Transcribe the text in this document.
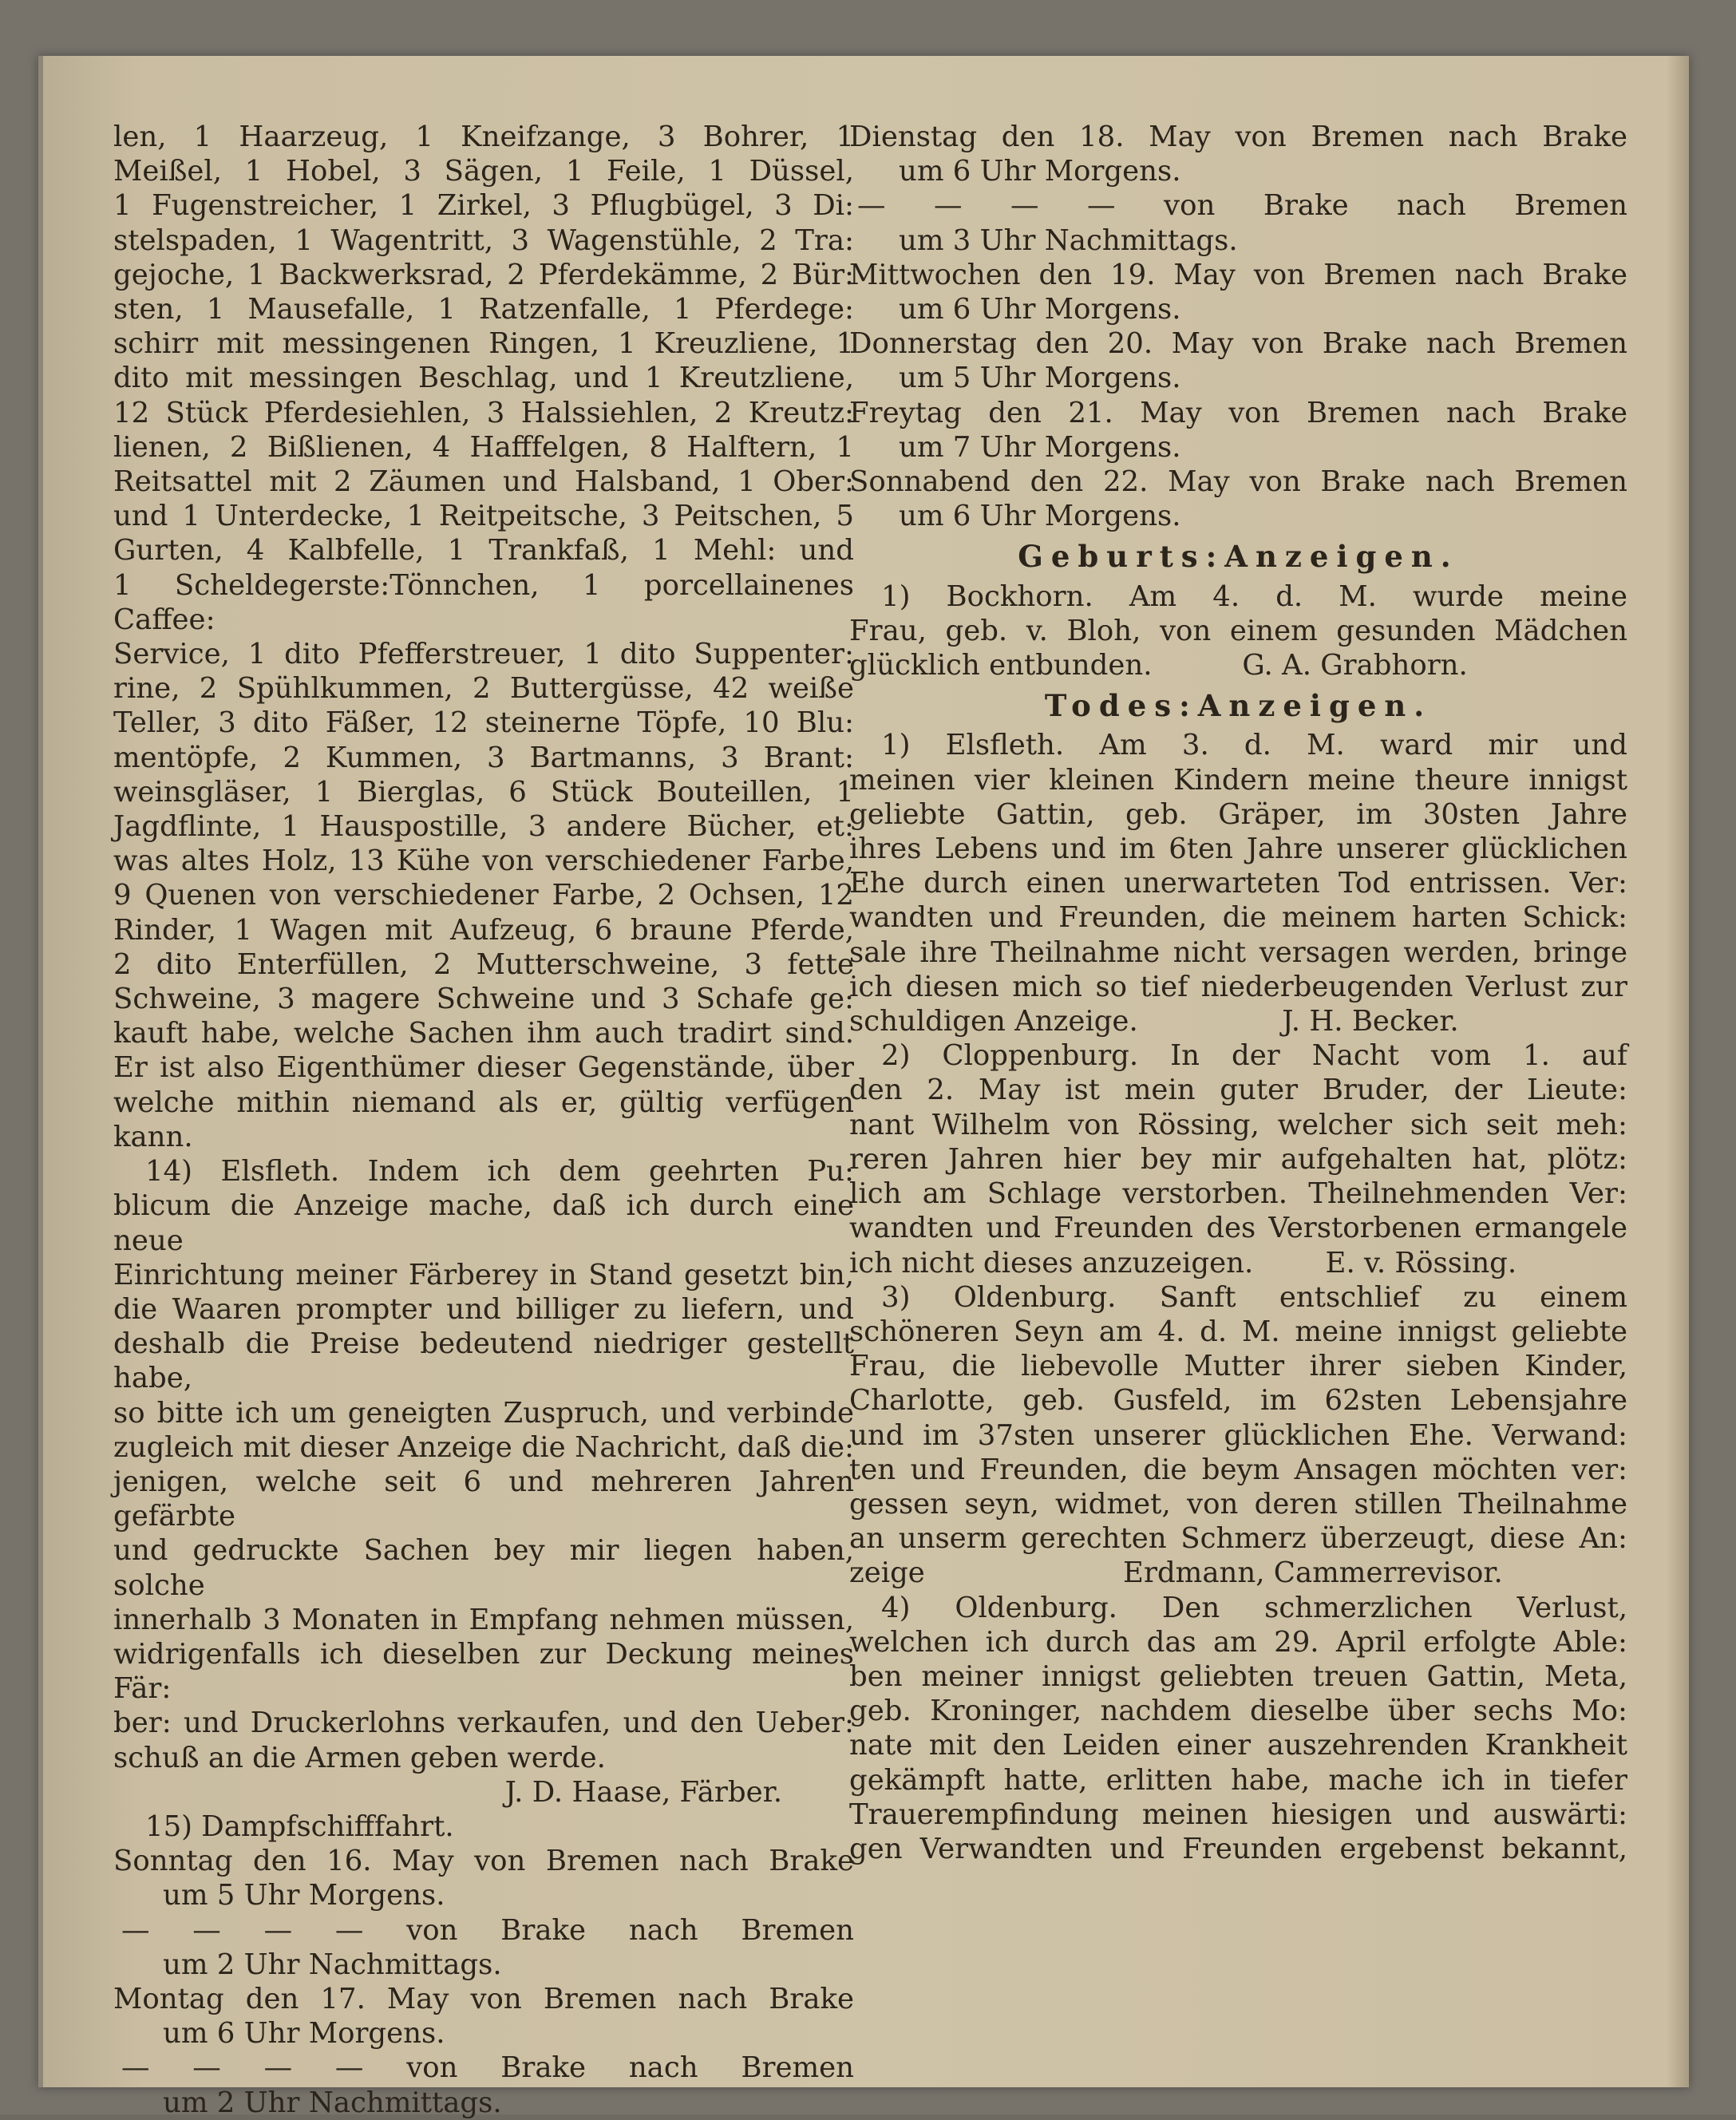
len, 1 Haarzeug, 1 Kneifzange, 3 Bohrer, 1

Meißel, 1 Hobel, 3 Sägen, 1 Feile, 1 Düssel,

1 Fugenstreicher, 1 Zirkel, 3 Pflugbügel, 3 Di:

stelspaden, 1 Wagentritt, 3 Wagenstühle, 2 Tra:

gejoche, 1 Backwerksrad, 2 Pferdekämme, 2 Bür:

sten, 1 Mausefalle, 1 Ratzenfalle, 1 Pferdege:

schirr mit messingenen Ringen, 1 Kreuzliene, 1

dito mit messingen Beschlag, und 1 Kreutzliene,

12 Stück Pferdesiehlen, 3 Halssiehlen, 2 Kreutz:

lienen, 2 Bißlienen, 4 Hafffelgen, 8 Halftern, 1

Reitsattel mit 2 Zäumen und Halsband, 1 Ober:

und 1 Unterdecke, 1 Reitpeitsche, 3 Peitschen, 5

Gurten, 4 Kalbfelle, 1 Trankfaß, 1 Mehl: und

1 Scheldegerste:Tönnchen, 1 porcellainenes Caffee:

Service, 1 dito Pfefferstreuer, 1 dito Suppenter:

rine, 2 Spühlkummen, 2 Buttergüsse, 42 weiße

Teller, 3 dito Fäßer, 12 steinerne Töpfe, 10 Blu:

mentöpfe, 2 Kummen, 3 Bartmanns, 3 Brant:

weinsgläser, 1 Bierglas, 6 Stück Bouteillen, 1

Jagdflinte, 1 Hauspostille, 3 andere Bücher, et:

was altes Holz, 13 Kühe von verschiedener Farbe,

9 Quenen von verschiedener Farbe, 2 Ochsen, 12

Rinder, 1 Wagen mit Aufzeug, 6 braune Pferde,

2 dito Enterfüllen, 2 Mutterschweine, 3 fette

Schweine, 3 magere Schweine und 3 Schafe ge:

kauft habe, welche Sachen ihm auch tradirt sind.

Er ist also Eigenthümer dieser Gegenstände, über

welche mithin niemand als er, gültig verfügen

kann.

14) Elsfleth. Indem ich dem geehrten Pu:

blicum die Anzeige mache, daß ich durch eine neue

Einrichtung meiner Färberey in Stand gesetzt bin,

die Waaren prompter und billiger zu liefern, und

deshalb die Preise bedeutend niedriger gestellt habe,

so bitte ich um geneigten Zuspruch, und verbinde

zugleich mit dieser Anzeige die Nachricht, daß die:

jenigen, welche seit 6 und mehreren Jahren gefärbte

und gedruckte Sachen bey mir liegen haben, solche

innerhalb 3 Monaten in Empfang nehmen müssen,

widrigenfalls ich dieselben zur Deckung meines Fär:

ber: und Druckerlohns verkaufen, und den Ueber:

schuß an die Armen geben werde.

J. D. Haase, Färber.

15) Dampfschifffahrt.

Sonntag den 16. May von Bremen nach Brake

um 5 Uhr Morgens.

— — — — von Brake nach Bremen

um 2 Uhr Nachmittags.

Montag den 17. May von Bremen nach Brake

um 6 Uhr Morgens.

— — — — von Brake nach Bremen

um 2 Uhr Nachmittags.

Dienstag den 18. May von Bremen nach Brake

um 6 Uhr Morgens.

— — — — von Brake nach Bremen

um 3 Uhr Nachmittags.

Mittwochen den 19. May von Bremen nach Brake

um 6 Uhr Morgens.

Donnerstag den 20. May von Brake nach Bremen

um 5 Uhr Morgens.

Freytag den 21. May von Bremen nach Brake

um 7 Uhr Morgens.

Sonnabend den 22. May von Brake nach Bremen

um 6 Uhr Morgens.

Geburts:Anzeigen.

1) Bockhorn. Am 4. d. M. wurde meine

Frau, geb. v. Bloh, von einem gesunden Mädchen

glücklich entbunden.          G. A. Grabhorn.

Todes:Anzeigen.

1) Elsfleth. Am 3. d. M. ward mir und

meinen vier kleinen Kindern meine theure innigst

geliebte Gattin, geb. Gräper, im 30sten Jahre

ihres Lebens und im 6ten Jahre unserer glücklichen

Ehe durch einen unerwarteten Tod entrissen. Ver:

wandten und Freunden, die meinem harten Schick:

sale ihre Theilnahme nicht versagen werden, bringe

ich diesen mich so tief niederbeugenden Verlust zur

schuldigen Anzeige.                J. H. Becker.

2) Cloppenburg. In der Nacht vom 1. auf

den 2. May ist mein guter Bruder, der Lieute:

nant Wilhelm von Rössing, welcher sich seit meh:

reren Jahren hier bey mir aufgehalten hat, plötz:

lich am Schlage verstorben. Theilnehmenden Ver:

wandten und Freunden des Verstorbenen ermangele

ich nicht dieses anzuzeigen.        E. v. Rössing.

3) Oldenburg. Sanft entschlief zu einem

schöneren Seyn am 4. d. M. meine innigst geliebte

Frau, die liebevolle Mutter ihrer sieben Kinder,

Charlotte, geb. Gusfeld, im 62sten Lebensjahre

und im 37sten unserer glücklichen Ehe. Verwand:

ten und Freunden, die beym Ansagen möchten ver:

gessen seyn, widmet, von deren stillen Theilnahme

an unserm gerechten Schmerz überzeugt, diese An:

zeige                      Erdmann, Cammerrevisor.

4) Oldenburg. Den schmerzlichen Verlust,

welchen ich durch das am 29. April erfolgte Able:

ben meiner innigst geliebten treuen Gattin, Meta,

geb. Kroninger, nachdem dieselbe über sechs Mo:

nate mit den Leiden einer auszehrenden Krankheit

gekämpft hatte, erlitten habe, mache ich in tiefer

Trauerempfindung meinen hiesigen und auswärti:

gen Verwandten und Freunden ergebenst bekannt,
